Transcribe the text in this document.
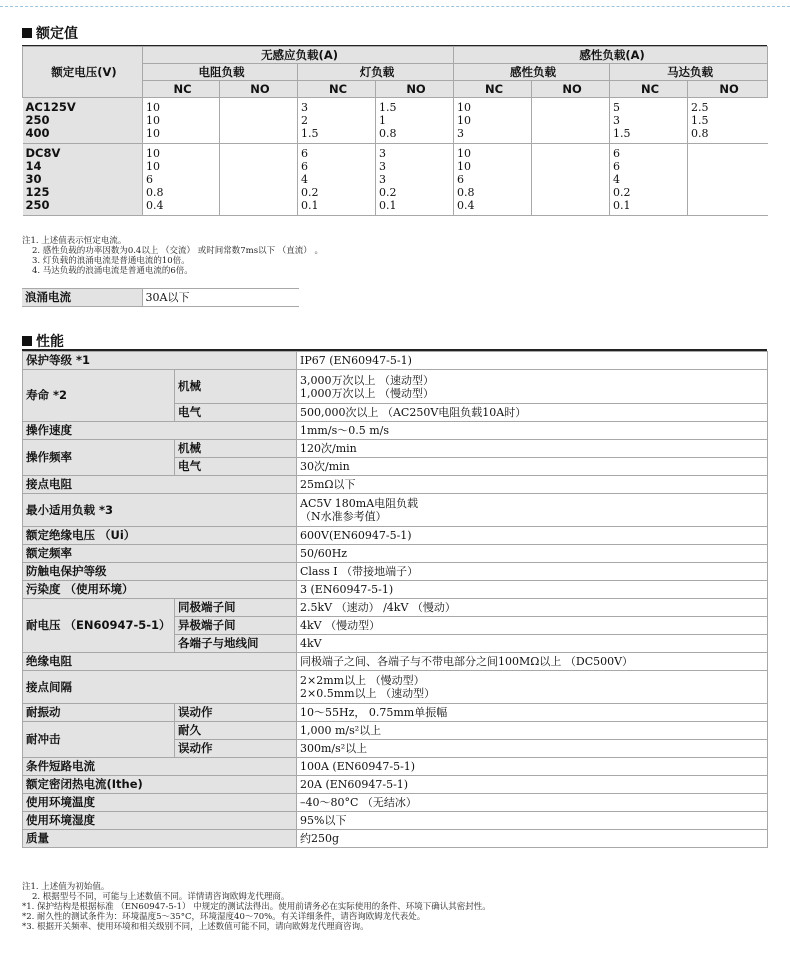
额定值
额定电压(V)	无感应负载(A)				感性负载(A)			
	电阻负载		灯负载		感性负载		马达负载	
	NC	NO	NC	NO	NC	NO	NC	NO
AC125V	10		3	1.5	10		5	2.5
250	10		2	1	10		3	1.5
400	10		1.5	0.8	3		1.5	0.8
DC8V	10		6	3	10		6	
14	10		6	3	10		6	
30	6		4	3	6		4	
125	0.8		0.2	0.2	0.8		0.2	
250	0.4		0.1	0.1	0.4		0.1	
注1. 上述值表示恒定电流。
2. 感性负载的功率因数为0.4以上 （交流） 或时间常数7ms以下 （直流） 。
3. 灯负载的浪涌电流是普通电流的10倍。
4. 马达负载的浪涌电流是普通电流的6倍。
浪涌电流	30A以下
性能
保护等级 *1		IP67 (EN60947-5-1)
寿命 *2	机械	3,000万次以上 （速动型）
1,000万次以上 （慢动型）

	电气	500,000次以上 （AC250V电阻负载10A时）
操作速度		1mm/s～0.5 m/s
操作频率	机械	120次/min
	电气	30次/min
接点电阻		25mΩ以下
最小适用负载 *3		AC5V 180mA电阻负载
（N水准参考值）

额定绝缘电压 （Ui）		600V(EN60947-5-1)
额定频率		50/60Hz
防触电保护等级		Class I （带接地端子）
污染度 （使用环境）		3 (EN60947-5-1)
耐电压 （EN60947-5-1）	同极端子间	2.5kV （速动） /4kV （慢动）
	异极端子间	4kV （慢动型）
	各端子与地线间	4kV
绝缘电阻		同极端子之间、各端子与不带电部分之间100MΩ以上 （DC500V）
接点间隔		2×2mm以上 （慢动型）
2×0.5mm以上 （速动型）

耐振动	误动作	10～55Hz， 0.75mm单振幅
耐冲击	耐久	1,000 m/s²以上
	误动作	300m/s²以上
条件短路电流		100A (EN60947-5-1)
额定密闭热电流(Ithe)		20A (EN60947-5-1)
使用环境温度		–40～80°C （无结冰）
使用环境湿度		95%以下
质量		约250g
注1. 上述值为初始值。
2. 根据型号不同，可能与上述数值不同。详情请咨询欧姆龙代理商。
*1. 保护结构是根据标准 （EN60947-5-1） 中规定的测试法得出。使用前请务必在实际使用的条件、环境下确认其密封性。
*2. 耐久性的测试条件为：环境温度5～35°C，环境湿度40～70%。有关详细条件，请咨询欧姆龙代表处。
*3. 根据开关频率、使用环境和相关级别不同，上述数值可能不同，请向欧姆龙代理商咨询。
